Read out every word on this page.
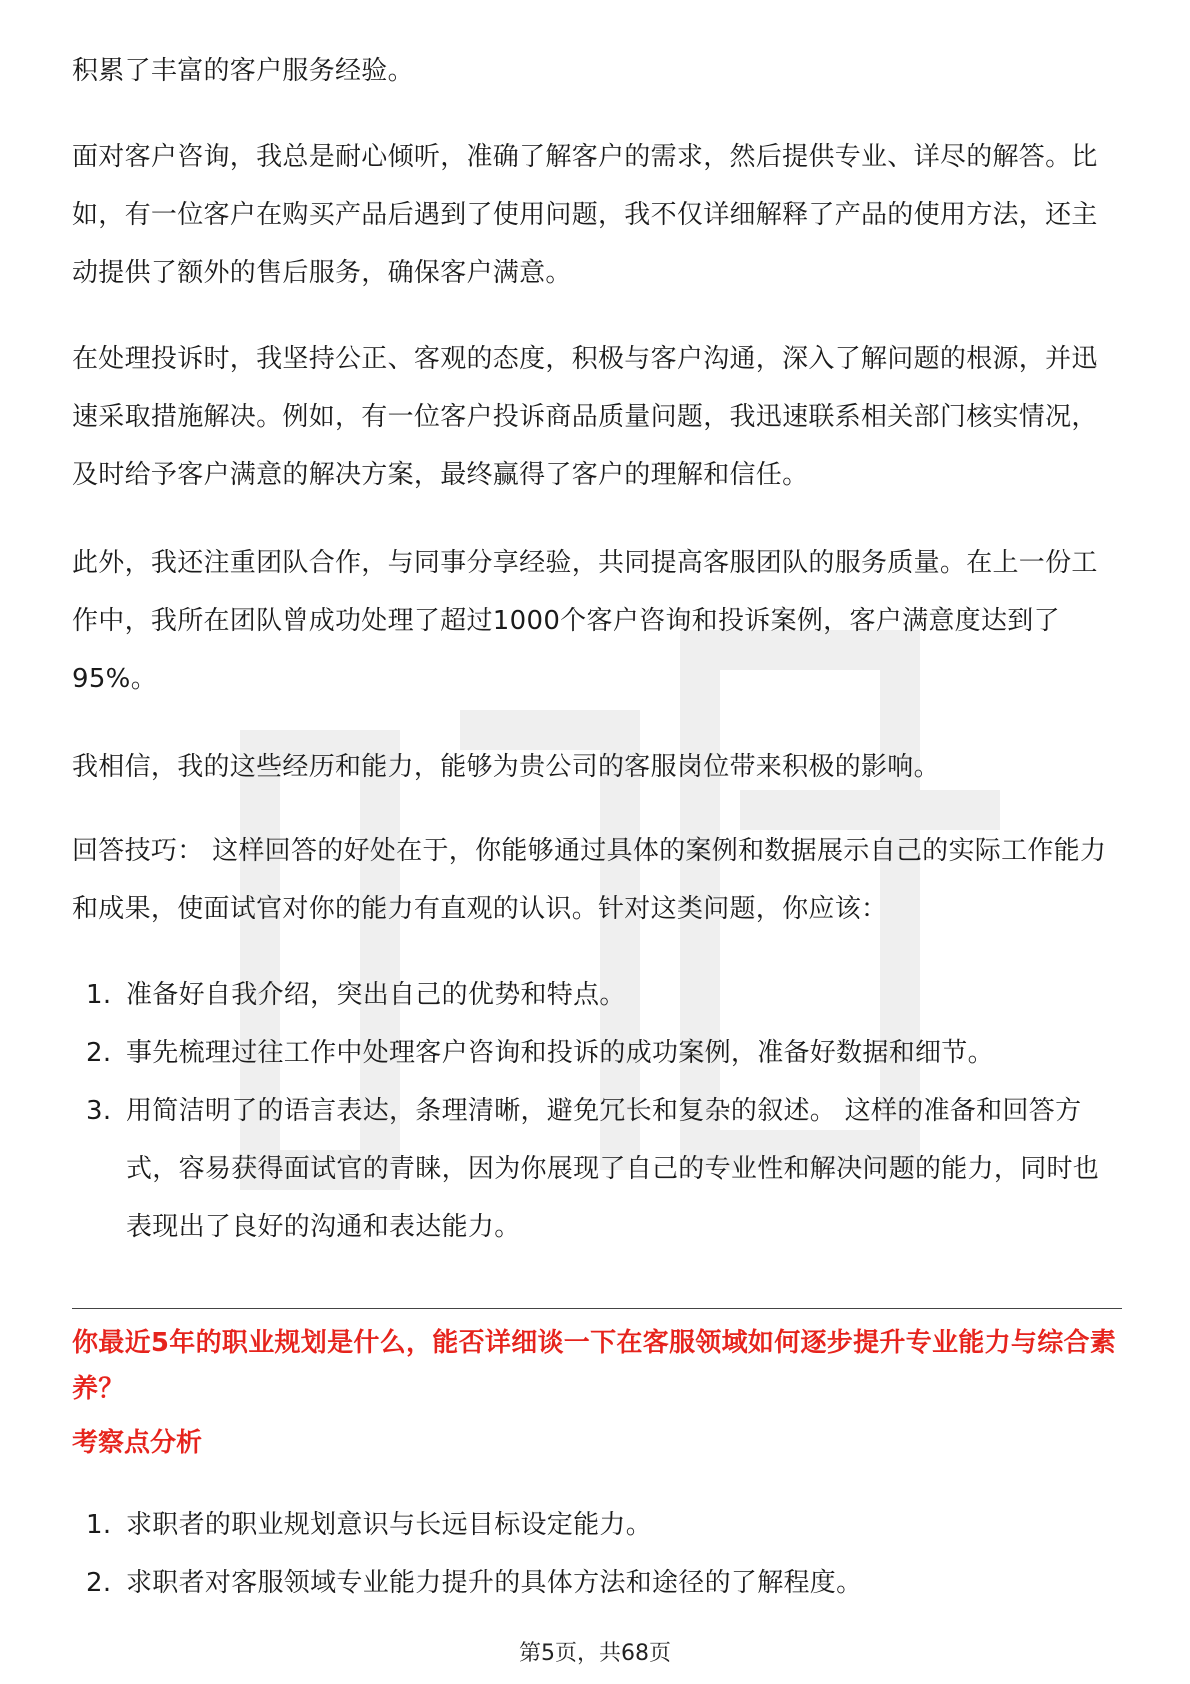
积累了丰富的客户服务经验。

面对客户咨询，我总是耐心倾听，准确了解客户的需求，然后提供专业、详尽的解答。比如，有一位客户在购买产品后遇到了使用问题，我不仅详细解释了产品的使用方法，还主动提供了额外的售后服务，确保客户满意。

在处理投诉时，我坚持公正、客观的态度，积极与客户沟通，深入了解问题的根源，并迅速采取措施解决。例如，有一位客户投诉商品质量问题，我迅速联系相关部门核实情况，及时给予客户满意的解决方案，最终赢得了客户的理解和信任。

此外，我还注重团队合作，与同事分享经验，共同提高客服团队的服务质量。在上一份工作中，我所在团队曾成功处理了超过1000个客户咨询和投诉案例，客户满意度达到了95%。

我相信，我的这些经历和能力，能够为贵公司的客服岗位带来积极的影响。

回答技巧： 这样回答的好处在于，你能够通过具体的案例和数据展示自己的实际工作能力和成果，使面试官对你的能力有直观的认识。针对这类问题，你应该：

1. 准备好自我介绍，突出自己的优势和特点。
2. 事先梳理过往工作中处理客户咨询和投诉的成功案例，准备好数据和细节。
3. 用简洁明了的语言表达，条理清晰，避免冗长和复杂的叙述。 这样的准备和回答方式，容易获得面试官的青睐，因为你展现了自己的专业性和解决问题的能力，同时也表现出了良好的沟通和表达能力。

你最近5年的职业规划是什么，能否详细谈一下在客服领域如何逐步提升专业能力与综合素养？

考察点分析

1. 求职者的职业规划意识与长远目标设定能力。
2. 求职者对客服领域专业能力提升的具体方法和途径的了解程度。
第5页，共68页
